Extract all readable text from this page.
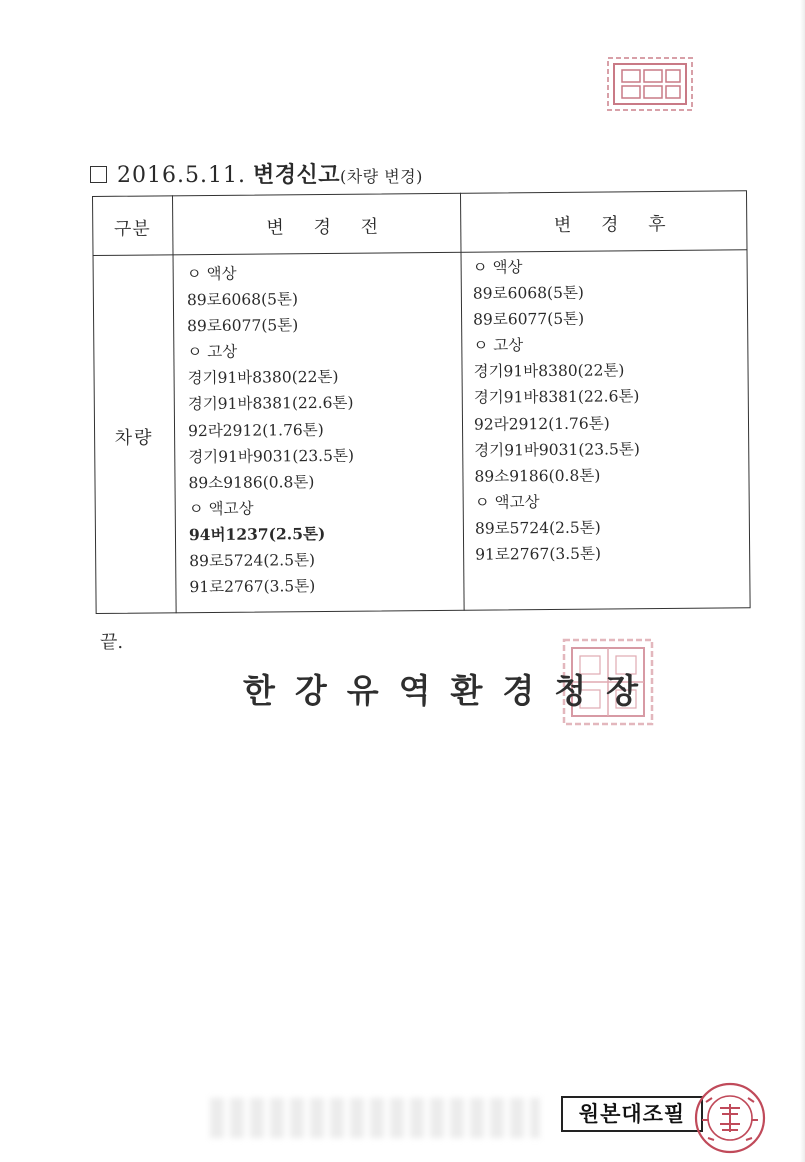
2016.5.11. 변경신고(차량 변경)
구분	변 경 전	변 경 후
차량
ㅇ 액상
89로6068(5톤)
89로6077(5톤)
ㅇ 고상
경기91바8380(22톤)
경기91바8381(22.6톤)
92라2912(1.76톤)
경기91바9031(23.5톤)
89소9186(0.8톤)
ㅇ 액고상
94버1237(2.5톤)
89로5724(2.5톤)
91로2767(3.5톤)
ㅇ 액상
89로6068(5톤)
89로6077(5톤)
ㅇ 고상
경기91바8380(22톤)
경기91바8381(22.6톤)
92라2912(1.76톤)
경기91바9031(23.5톤)
89소9186(0.8톤)
ㅇ 액고상
89로5724(2.5톤)
91로2767(3.5톤)
끝.
한강유역환경청장
원본대조필
